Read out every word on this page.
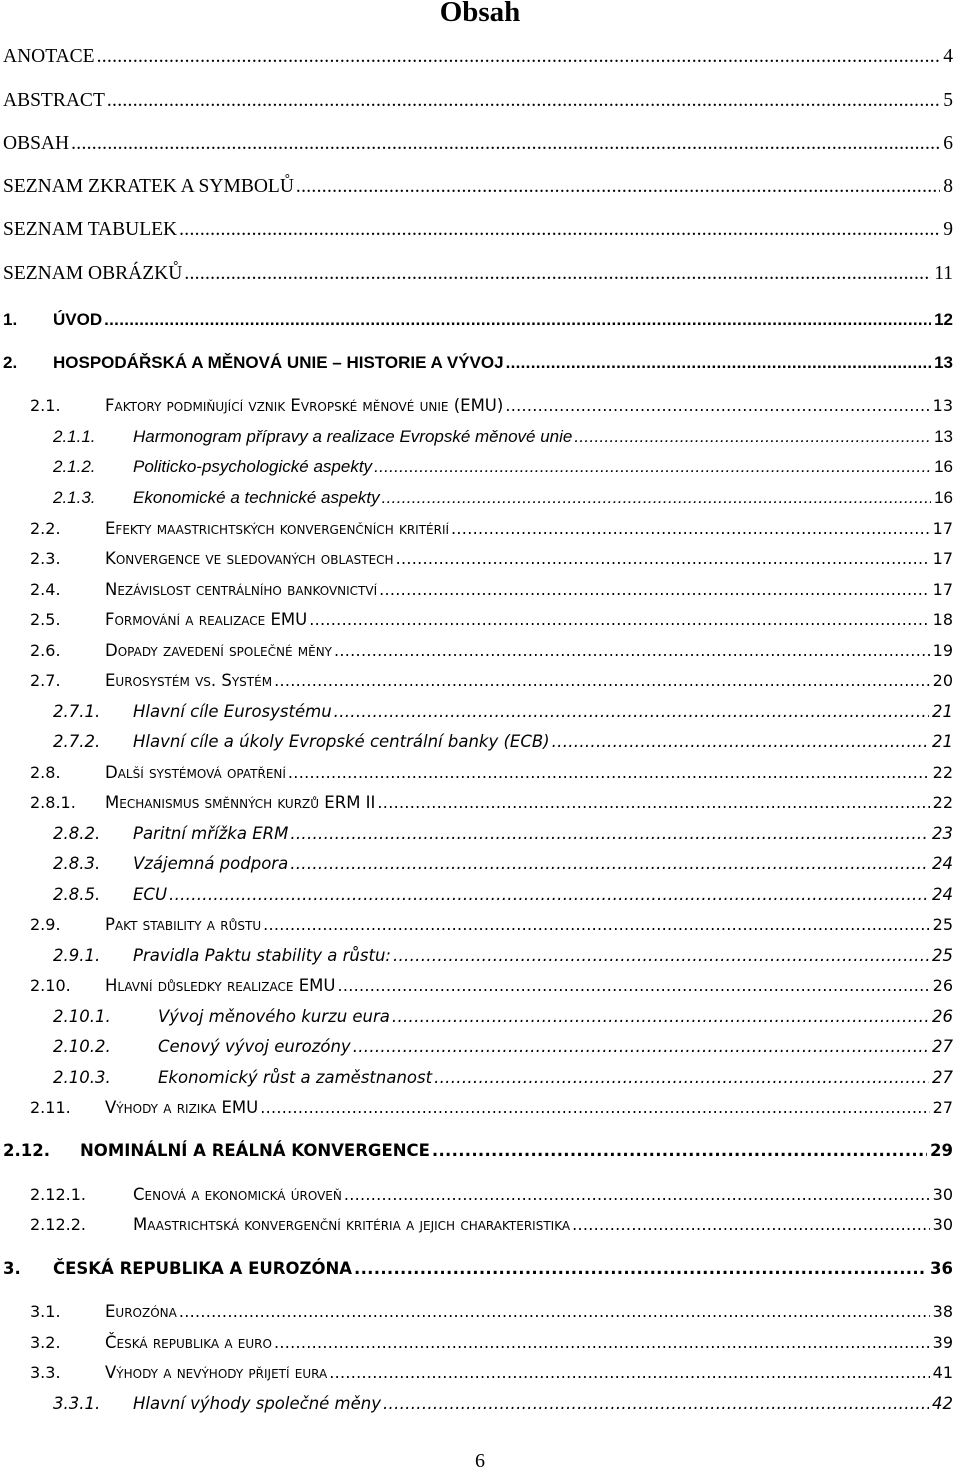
Obsah
ANOTACE .....	4
ABSTRACT .....	5
OBSAH .....	6
SEZNAM ZKRATEK A SYMBOLŮ .....	8
SEZNAM TABULEK .....	9
SEZNAM OBRÁZKŮ .....	11
1.	ÚVOD .....	12
2.	HOSPODÁŘSKÁ A MĚNOVÁ UNIE – HISTORIE A VÝVOJ .....	13
2.1.	Faktory podmiňující vznik Evropské měnové unie (EMU) .....	13
2.1.1.	Harmonogram přípravy a realizace Evropské měnové unie .....	13
2.1.2.	Politicko-psychologické aspekty .....	16
2.1.3.	Ekonomické a technické aspekty .....	16
2.2.	Efekty maastrichtských konvergenčních kritérií .....	17
2.3.	Konvergence ve sledovaných oblastech .....	17
2.4.	Nezávislost centrálního bankovnictví .....	17
2.5.	Formování a realizace EMU .....	18
2.6.	Dopady zavedení společné měny .....	19
2.7.	Eurosystém vs. Systém .....	20
2.7.1.	Hlavní cíle Eurosystému .....	21
2.7.2.	Hlavní cíle a úkoly Evropské centrální banky (ECB) .....	21
2.8.	Další systémová opatření .....	22
2.8.1.	Mechanismus směnných kurzů ERM II .....	22
2.8.2.	Paritní mřížka ERM .....	23
2.8.3.	Vzájemná podpora .....	24
2.8.5.	ECU .....	24
2.9.	Pakt stability a růstu .....	25
2.9.1.	Pravidla Paktu stability a růstu: .....	25
2.10.	Hlavní důsledky realizace EMU .....	26
2.10.1.	Vývoj měnového kurzu eura .....	26
2.10.2.	Cenový vývoj eurozóny .....	27
2.10.3.	Ekonomický růst a zaměstnanost .....	27
2.11.	Výhody a rizika EMU .....	27
2.12.	NOMINÁLNÍ A REÁLNÁ KONVERGENCE .....	29
2.12.1.	Cenová a ekonomická úroveň .....	30
2.12.2.	Maastrichtská konvergenční kritéria a jejich charakteristika .....	30
3.	ČESKÁ REPUBLIKA A EUROZÓNA .....	36
3.1.	Eurozóna .....	38
3.2.	Česká republika a euro .....	39
3.3.	Výhody a nevýhody přijetí eura .....	41
3.3.1.	Hlavní výhody společné měny .....	42
6
